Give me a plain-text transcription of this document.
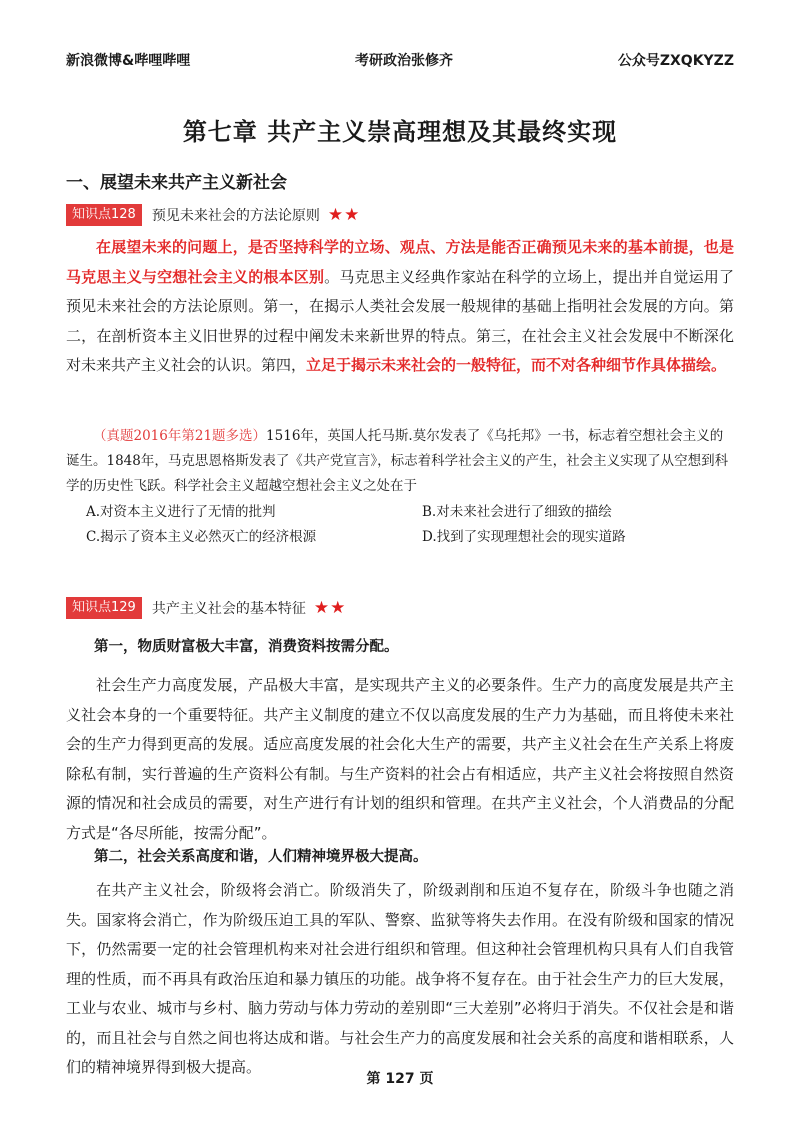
新浪微博&哔哩哔哩	考研政治张修齐	公众号ZXQKYZZ
第七章 共产主义崇高理想及其最终实现
一、展望未来共产主义新社会
知识点128	预见未来社会的方法论原则 ★★

在展望未来的问题上，是否坚持科学的立场、观点、方法是能否正确预见未来的基本前提，也是马克思主义与空想社会主义的根本区别。马克思主义经典作家站在科学的立场上，提出并自觉运用了预见未来社会的方法论原则。第一，在揭示人类社会发展一般规律的基础上指明社会发展的方向。第二，在剖析资本主义旧世界的过程中阐发未来新世界的特点。第三，在社会主义社会发展中不断深化对未来共产主义社会的认识。第四，立足于揭示未来社会的一般特征，而不对各种细节作具体描绘。

（真题2016年第21题多选）1516年，英国人托马斯.莫尔发表了《乌托邦》一书，标志着空想社会主义的诞生。1848年，马克思恩格斯发表了《共产党宣言》，标志着科学社会主义的产生，社会主义实现了从空想到科学的历史性飞跃。科学社会主义超越空想社会主义之处在于

A.对资本主义进行了无情的批判	B.对未来社会进行了细致的描绘
C.揭示了资本主义必然灭亡的经济根源	D.找到了实现理想社会的现实道路
知识点129	共产主义社会的基本特征 ★★
第一，物质财富极大丰富，消费资料按需分配。

社会生产力高度发展，产品极大丰富，是实现共产主义的必要条件。生产力的高度发展是共产主义社会本身的一个重要特征。共产主义制度的建立不仅以高度发展的生产力为基础，而且将使未来社会的生产力得到更高的发展。适应高度发展的社会化大生产的需要，共产主义社会在生产关系上将废除私有制，实行普遍的生产资料公有制。与生产资料的社会占有相适应，共产主义社会将按照自然资源的情况和社会成员的需要，对生产进行有计划的组织和管理。在共产主义社会，个人消费品的分配方式是“各尽所能，按需分配”。

第二，社会关系高度和谐，人们精神境界极大提高。

在共产主义社会，阶级将会消亡。阶级消失了，阶级剥削和压迫不复存在，阶级斗争也随之消失。国家将会消亡，作为阶级压迫工具的军队、警察、监狱等将失去作用。在没有阶级和国家的情况下，仍然需要一定的社会管理机构来对社会进行组织和管理。但这种社会管理机构只具有人们自我管理的性质，而不再具有政治压迫和暴力镇压的功能。战争将不复存在。由于社会生产力的巨大发展，工业与农业、城市与乡村、脑力劳动与体力劳动的差别即“三大差别”必将归于消失。不仅社会是和谐的，而且社会与自然之间也将达成和谐。与社会生产力的高度发展和社会关系的高度和谐相联系，人们的精神境界得到极大提高。

第 127 页
